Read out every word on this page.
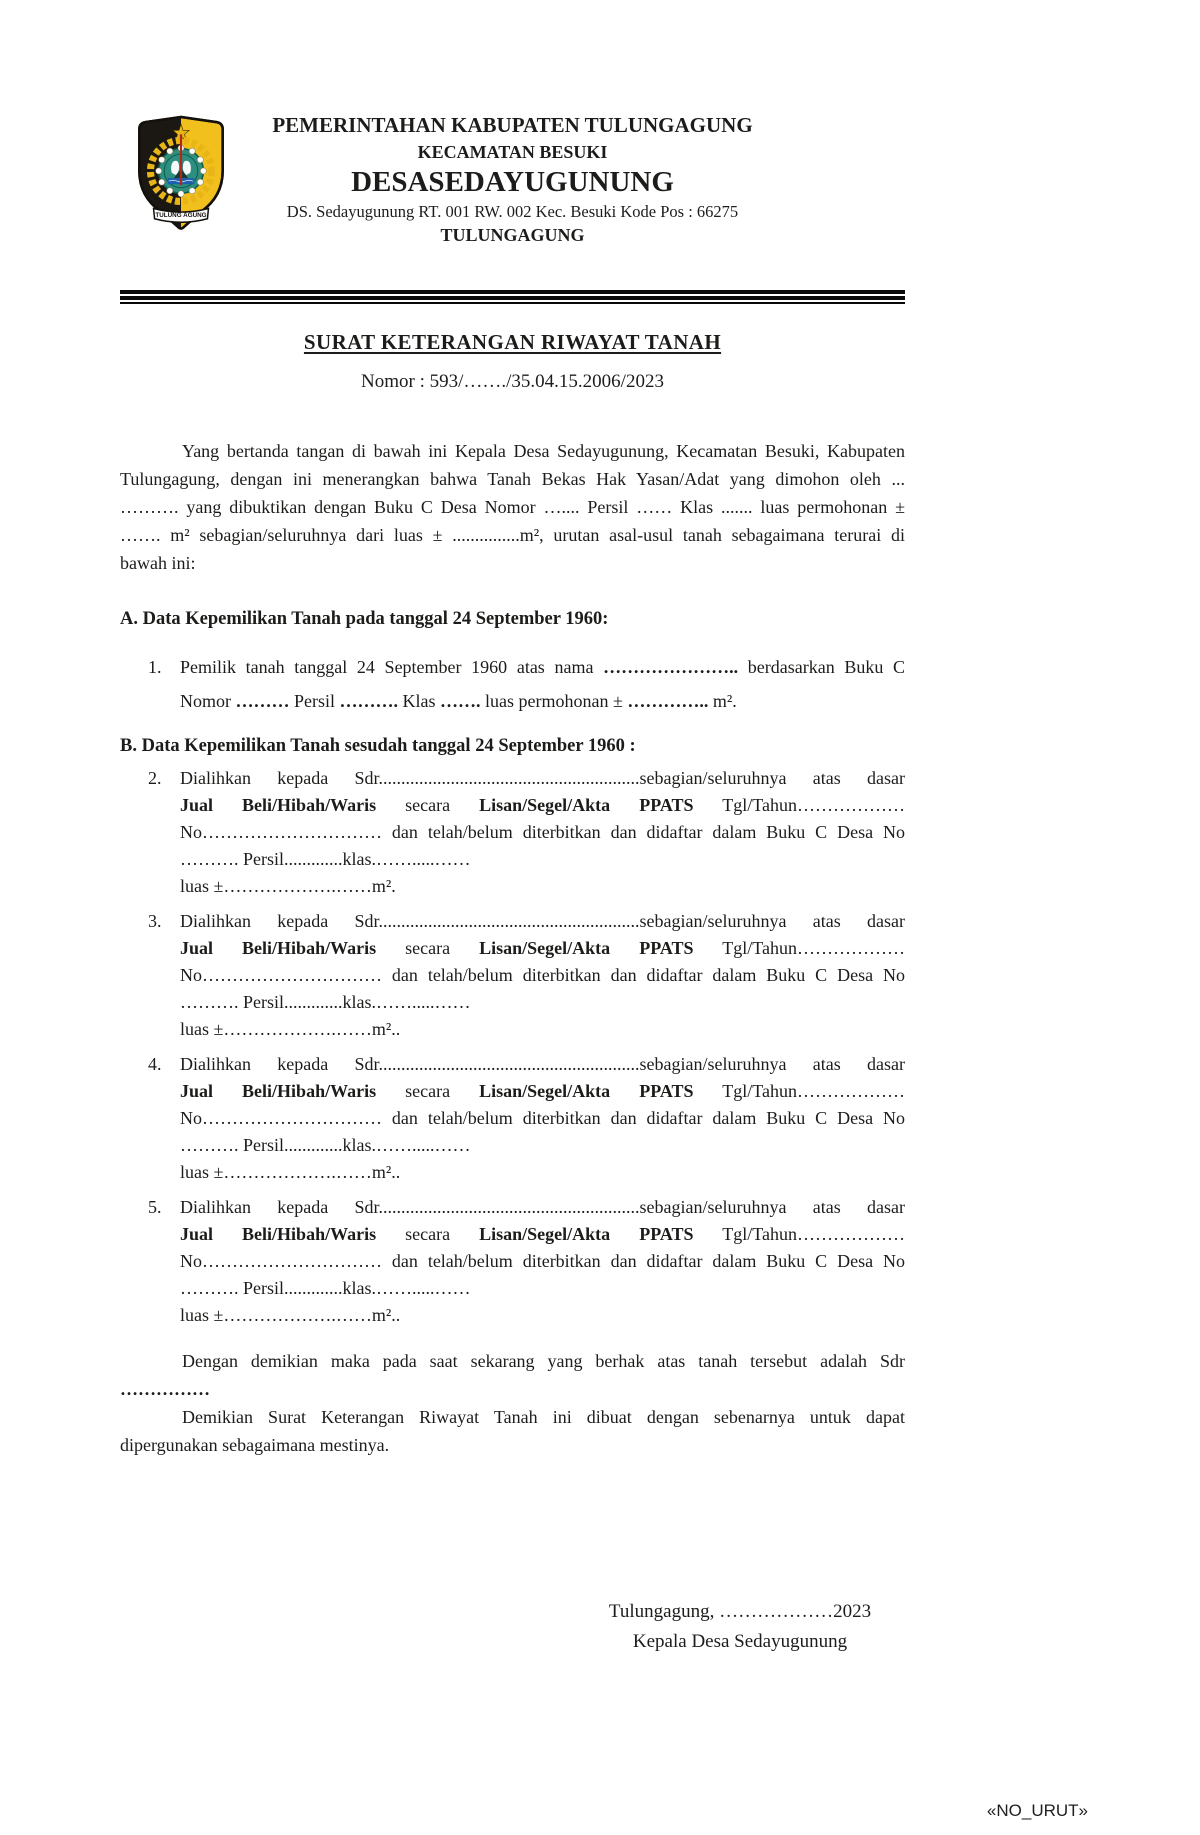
TULUNG AGUNG
PEMERINTAHAN KABUPATEN TULUNGAGUNG
KECAMATAN BESUKI
DESASEDAYUGUNUNG
DS. Sedayugunung RT. 001 RW. 002 Kec. Besuki Kode Pos : 66275
TULUNGAGUNG
SURAT KETERANGAN RIWAYAT TANAH
Nomor : 593/……./35.04.15.2006/2023
Yang bertanda tangan di bawah ini Kepala Desa Sedayugunung, Kecamatan Besuki, Kabupaten
Tulungagung, dengan ini menerangkan bahwa Tanah Bekas Hak Yasan/Adat yang dimohon oleh ...
………. yang dibuktikan dengan Buku C Desa Nomor ….... Persil …… Klas ....... luas permohonan ±
……. m² sebagian/seluruhnya dari luas ± ...............m², urutan asal-usul tanah sebagaimana terurai di
bawah ini:
A. Data Kepemilikan Tanah pada tanggal 24 September 1960:
1. Pemilik tanah tanggal 24 September 1960 atas nama ………………….. berdasarkan Buku C
Nomor ……… Persil ………. Klas ……. luas permohonan ± ………….. m².
B. Data Kepemilikan Tanah sesudah tanggal 24 September 1960 :
2. Dialihkan kepada Sdr..........................................................sebagian/seluruhnya atas dasar
Jual Beli/Hibah/Waris secara Lisan/Segel/Akta PPATS Tgl/Tahun………………
No………………………… dan telah/belum diterbitkan dan didaftar dalam Buku C Desa No
………. Persil.............klas.…….....……
luas ±……………….……m².
3. Dialihkan kepada Sdr..........................................................sebagian/seluruhnya atas dasar
Jual Beli/Hibah/Waris secara Lisan/Segel/Akta PPATS Tgl/Tahun………………
No………………………… dan telah/belum diterbitkan dan didaftar dalam Buku C Desa No
………. Persil.............klas.…….....……
luas ±……………….……m²..
4. Dialihkan kepada Sdr..........................................................sebagian/seluruhnya atas dasar
Jual Beli/Hibah/Waris secara Lisan/Segel/Akta PPATS Tgl/Tahun………………
No………………………… dan telah/belum diterbitkan dan didaftar dalam Buku C Desa No
………. Persil.............klas.…….....……
luas ±……………….……m²..
5. Dialihkan kepada Sdr..........................................................sebagian/seluruhnya atas dasar
Jual Beli/Hibah/Waris secara Lisan/Segel/Akta PPATS Tgl/Tahun………………
No………………………… dan telah/belum diterbitkan dan didaftar dalam Buku C Desa No
………. Persil.............klas.…….....……
luas ±……………….……m²..
Dengan demikian maka pada saat sekarang yang berhak atas tanah tersebut adalah Sdr
……………
Demikian Surat Keterangan Riwayat Tanah ini dibuat dengan sebenarnya untuk dapat
dipergunakan sebagaimana mestinya.
Tulungagung, ………………2023
Kepala Desa Sedayugunung
«NO_URUT»
